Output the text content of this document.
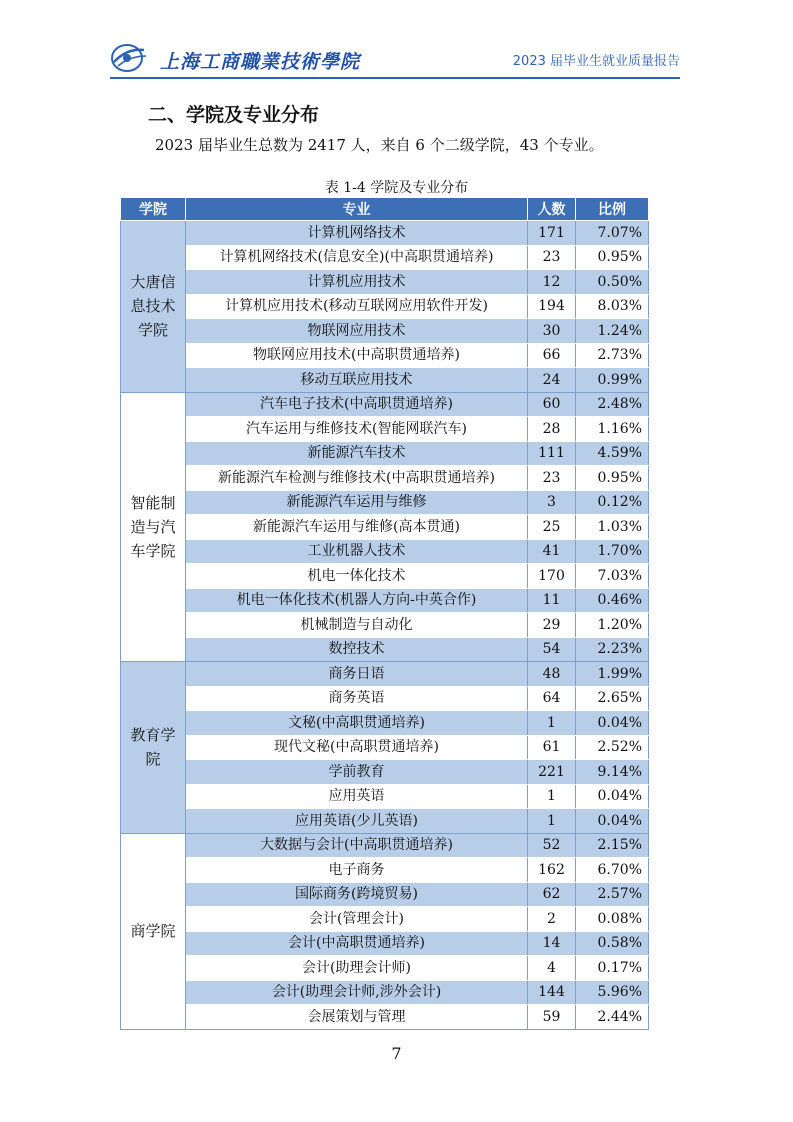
上海工商職業技術學院	2023 届毕业生就业质量报告
二、学院及专业分布
2023 届毕业生总数为 2417 人，来自 6 个二级学院，43 个专业。
表 1-4 学院及专业分布
学院	专业	人数	比例
大唐信息技术学院	计算机网络技术	171	7.07%
	计算机网络技术(信息安全)(中高职贯通培养)	23	0.95%
	计算机应用技术	12	0.50%
	计算机应用技术(移动互联网应用软件开发)	194	8.03%
	物联网应用技术	30	1.24%
	物联网应用技术(中高职贯通培养)	66	2.73%
	移动互联应用技术	24	0.99%
智能制造与汽车学院	汽车电子技术(中高职贯通培养)	60	2.48%
	汽车运用与维修技术(智能网联汽车)	28	1.16%
	新能源汽车技术	111	4.59%
	新能源汽车检测与维修技术(中高职贯通培养)	23	0.95%
	新能源汽车运用与维修	3	0.12%
	新能源汽车运用与维修(高本贯通)	25	1.03%
	工业机器人技术	41	1.70%
	机电一体化技术	170	7.03%
	机电一体化技术(机器人方向-中英合作)	11	0.46%
	机械制造与自动化	29	1.20%
	数控技术	54	2.23%
教育学院	商务日语	48	1.99%
	商务英语	64	2.65%
	文秘(中高职贯通培养)	1	0.04%
	现代文秘(中高职贯通培养)	61	2.52%
	学前教育	221	9.14%
	应用英语	1	0.04%
	应用英语(少儿英语)	1	0.04%
商学院	大数据与会计(中高职贯通培养)	52	2.15%
	电子商务	162	6.70%
	国际商务(跨境贸易)	62	2.57%
	会计(管理会计)	2	0.08%
	会计(中高职贯通培养)	14	0.58%
	会计(助理会计师)	4	0.17%
	会计(助理会计师,涉外会计)	144	5.96%
	会展策划与管理	59	2.44%
7
